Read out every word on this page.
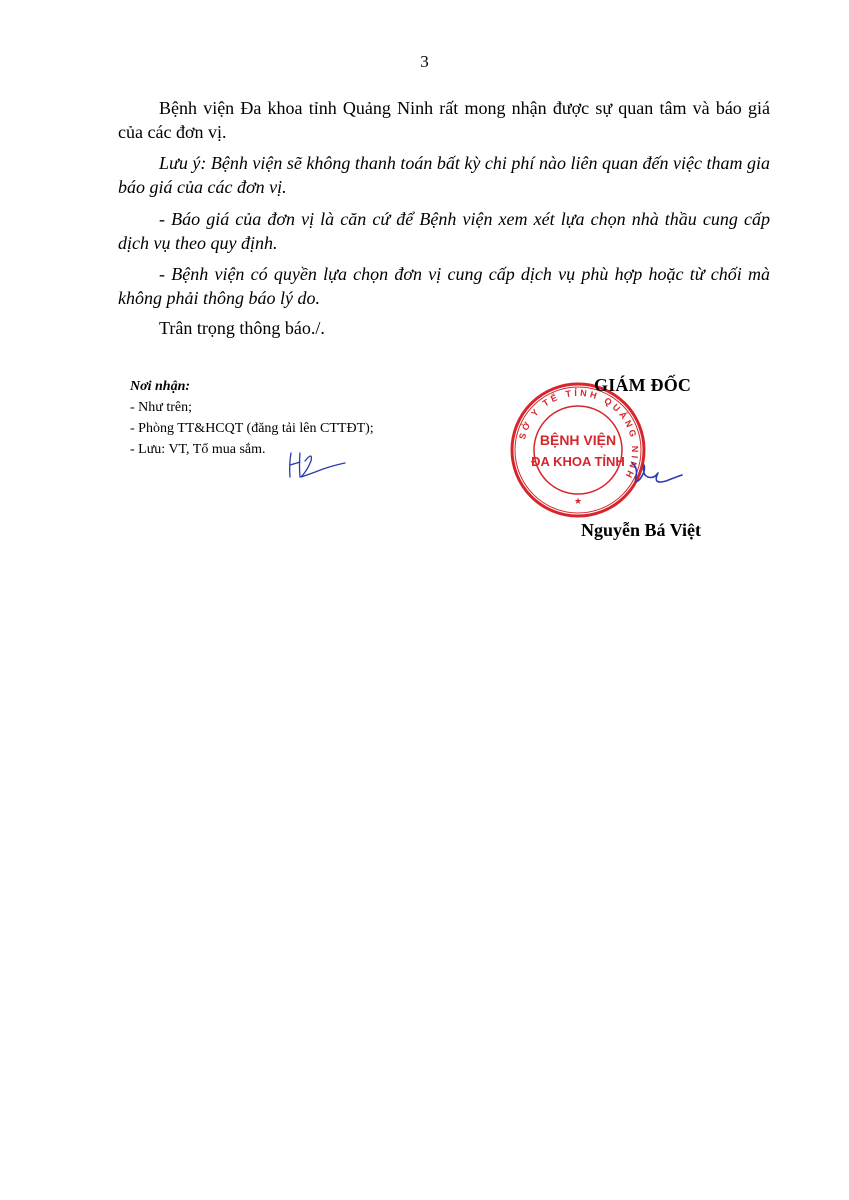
3

Bệnh viện Đa khoa tỉnh Quảng Ninh rất mong nhận được sự quan tâm và báo giá của các đơn vị.

Lưu ý: Bệnh viện sẽ không thanh toán bất kỳ chi phí nào liên quan đến việc tham gia báo giá của các đơn vị.

- Báo giá của đơn vị là căn cứ để Bệnh viện xem xét lựa chọn nhà thầu cung cấp dịch vụ theo quy định.

- Bệnh viện có quyền lựa chọn đơn vị cung cấp dịch vụ phù hợp hoặc từ chối mà không phải thông báo lý do.

Trân trọng thông báo./.

Nơi nhận:
- Như trên;
- Phòng TT&HCQT (đăng tải lên CTTĐT);
- Lưu: VT, Tổ mua sắm.
SỞ Y TẾ TỈNH QUẢNG NINH
BỆNH VIỆN
ĐA KHOA TỈNH
★
GIÁM ĐỐC
Nguyễn Bá Việt
